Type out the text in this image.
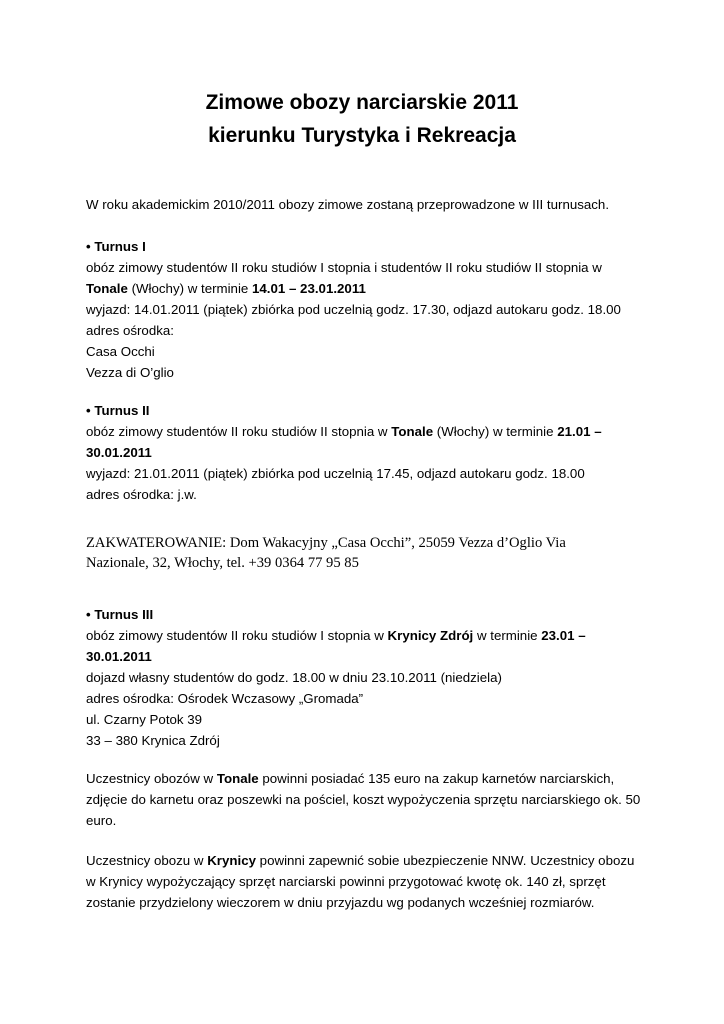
Zimowe obozy narciarskie 2011
kierunku Turystyka i Rekreacja
W roku akademickim 2010/2011 obozy zimowe zostaną przeprowadzone w III turnusach.
• Turnus I
obóz zimowy studentów II roku studiów I stopnia i studentów II roku studiów II stopnia w
Tonale (Włochy) w terminie 14.01 – 23.01.2011
wyjazd: 14.01.2011 (piątek) zbiórka pod uczelnią godz. 17.30, odjazd autokaru godz. 18.00
adres ośrodka:
Casa Occhi
Vezza di O’glio
• Turnus II
obóz zimowy studentów II roku studiów II stopnia w Tonale (Włochy) w terminie 21.01 –
30.01.2011
wyjazd: 21.01.2011 (piątek) zbiórka pod uczelnią 17.45, odjazd autokaru godz. 18.00
adres ośrodka: j.w.
ZAKWATEROWANIE: Dom Wakacyjny „Casa Occhi”, 25059 Vezza d’Oglio Via
Nazionale, 32, Włochy, tel. +39 0364 77 95 85
• Turnus III
obóz zimowy studentów II roku studiów I stopnia w Krynicy Zdrój w terminie 23.01 –
30.01.2011
dojazd własny studentów do godz. 18.00 w dniu 23.10.2011 (niedziela)
adres ośrodka: Ośrodek Wczasowy „Gromada”
ul. Czarny Potok 39
33 – 380 Krynica Zdrój
Uczestnicy obozów w Tonale powinni posiadać 135 euro na zakup karnetów narciarskich,
zdjęcie do karnetu oraz poszewki na pościel, koszt wypożyczenia sprzętu narciarskiego ok. 50
euro.
Uczestnicy obozu w Krynicy powinni zapewnić sobie ubezpieczenie NNW. Uczestnicy obozu
w Krynicy wypożyczający sprzęt narciarski powinni przygotować kwotę ok. 140 zł, sprzęt
zostanie przydzielony wieczorem w dniu przyjazdu wg podanych wcześniej rozmiarów.
